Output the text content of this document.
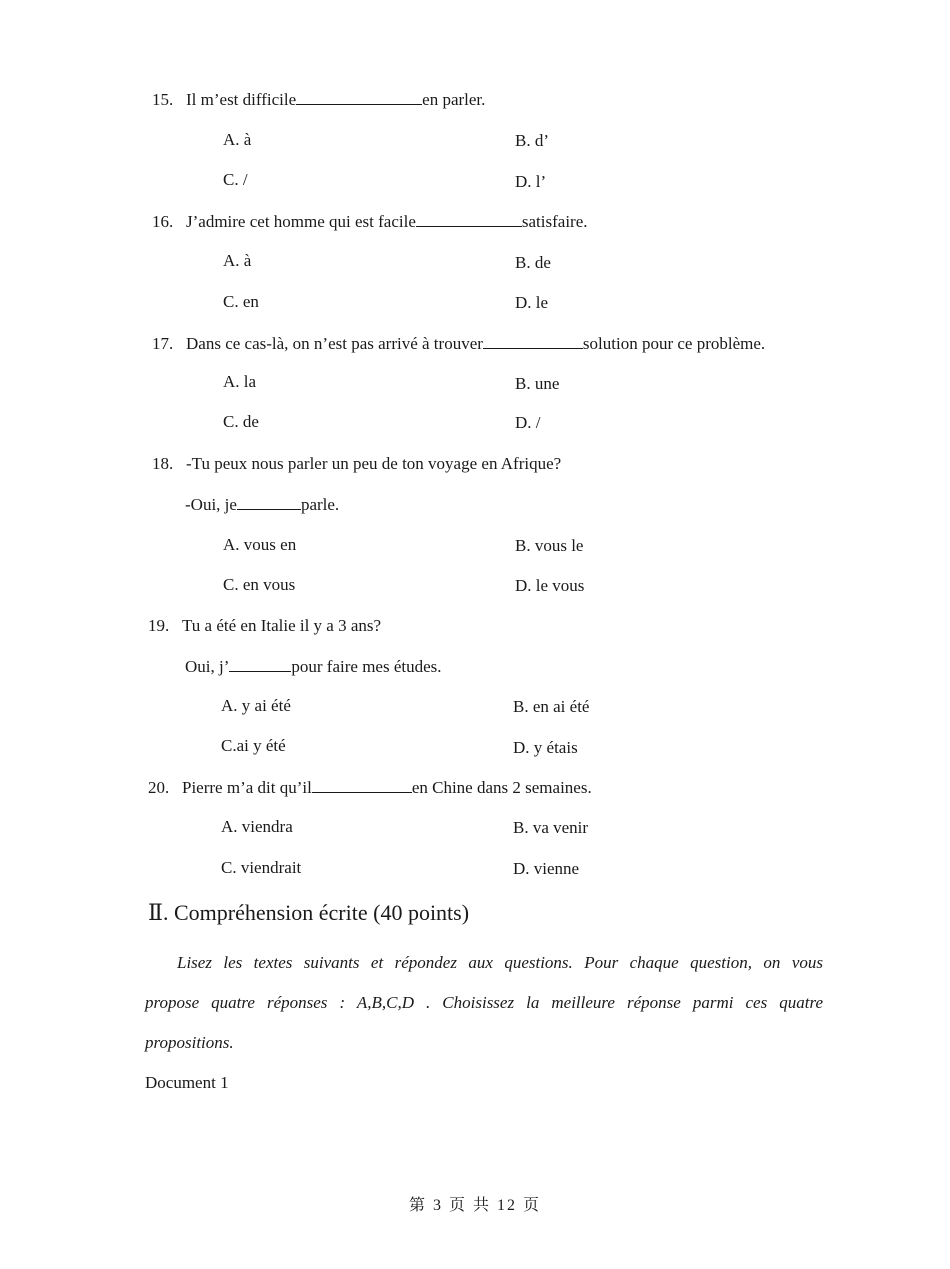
15. Il m’est difficile	en parler.
A. à	B. d’
C. /	D. l’
16. J’admire cet homme qui est facile	satisfaire.
A. à	B. de
C. en	D. le
17. Dans ce cas-là, on n’est pas arrivé à trouver	solution pour ce problème.
A. la	B. une
C. de	D. /
18. -Tu peux nous parler un peu de ton voyage en Afrique?
-Oui, je	parle.
A. vous en	B. vous le
C. en vous	D. le vous
19. Tu a été en Italie il y a 3 ans?
Oui, j’	pour faire mes études.
A. y ai été	B. en ai été
C.ai y été	D. y étais
20. Pierre m’a dit qu’il	en Chine dans 2 semaines.
A. viendra	B. va venir
C. viendrait	D. vienne
Ⅱ. Compréhension écrite (40 points)
Lisez les textes suivants et répondez aux questions. Pour chaque question, on vous
propose quatre réponses : A,B,C,D . Choisissez la meilleure réponse parmi ces quatre
propositions.
Document 1
第 3 页 共 12 页
